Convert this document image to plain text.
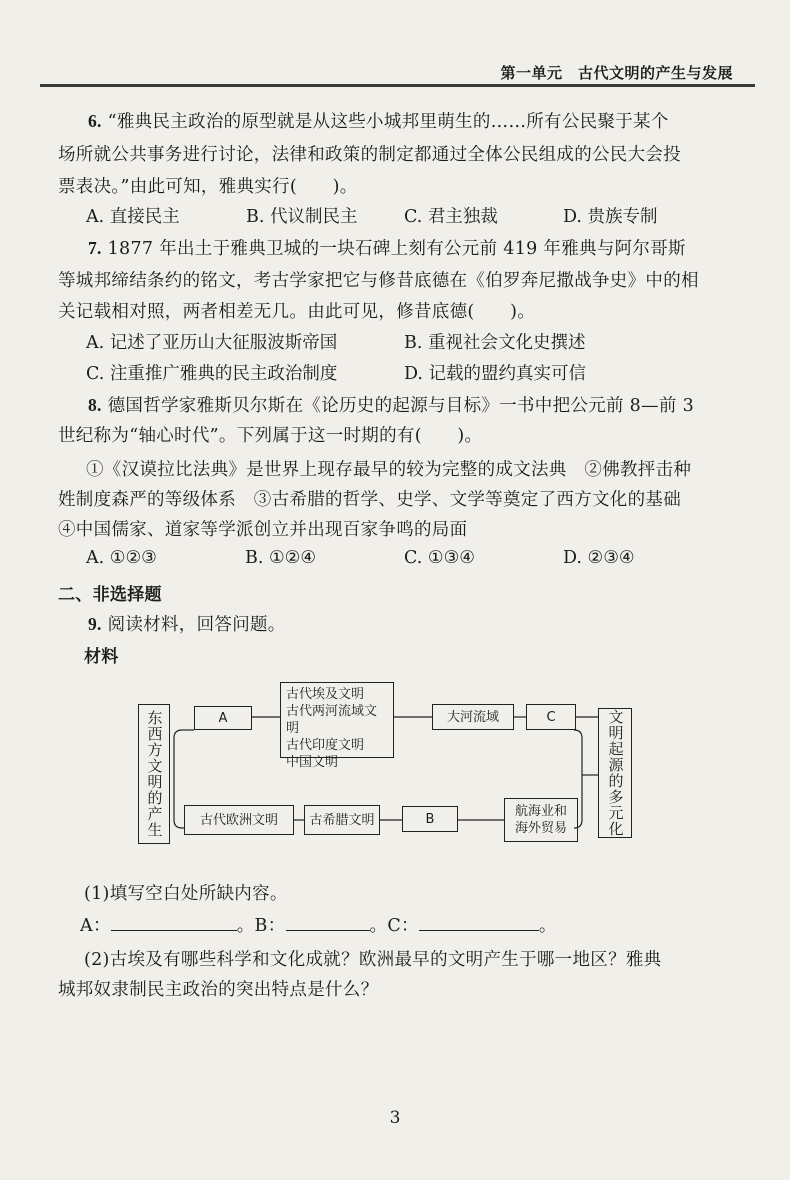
第一单元　古代文明的产生与发展
6. “雅典民主政治的原型就是从这些小城邦里萌生的……所有公民聚于某个
场所就公共事务进行讨论，法律和政策的制定都通过全体公民组成的公民大会投
票表决。”由此可知，雅典实行(　　)。
A. 直接民主	B. 代议制民主	C. 君主独裁	D. 贵族专制
7. 1877 年出土于雅典卫城的一块石碑上刻有公元前 419 年雅典与阿尔哥斯
等城邦缔结条约的铭文，考古学家把它与修昔底德在《伯罗奔尼撒战争史》中的相
关记载相对照，两者相差无几。由此可见，修昔底德(　　)。
A. 记述了亚历山大征服波斯帝国	B. 重视社会文化史撰述
C. 注重推广雅典的民主政治制度	D. 记载的盟约真实可信
8. 德国哲学家雅斯贝尔斯在《论历史的起源与目标》一书中把公元前 8—前 3
世纪称为“轴心时代”。下列属于这一时期的有(　　)。
①《汉谟拉比法典》是世界上现存最早的较为完整的成文法典　②佛教抨击种
姓制度森严的等级体系　③古希腊的哲学、史学、文学等奠定了西方文化的基础
④中国儒家、道家等学派创立并出现百家争鸣的局面
A. ①②③	B. ①②④	C. ①③④	D. ②③④
二、非选择题
9. 阅读材料，回答问题。
材料
东西方文明的产生	A
古代埃及文明
古代两河流域文明
古代印度文明
中国文明
大河流域	C	文明起源的多元化
古代欧洲文明	古希腊文明	B	航海业和
海外贸易
(1)填写空白处所缺内容。
A：	。B：	。C：	。
(2)古埃及有哪些科学和文化成就？欧洲最早的文明产生于哪一地区？雅典
城邦奴隶制民主政治的突出特点是什么？
3
